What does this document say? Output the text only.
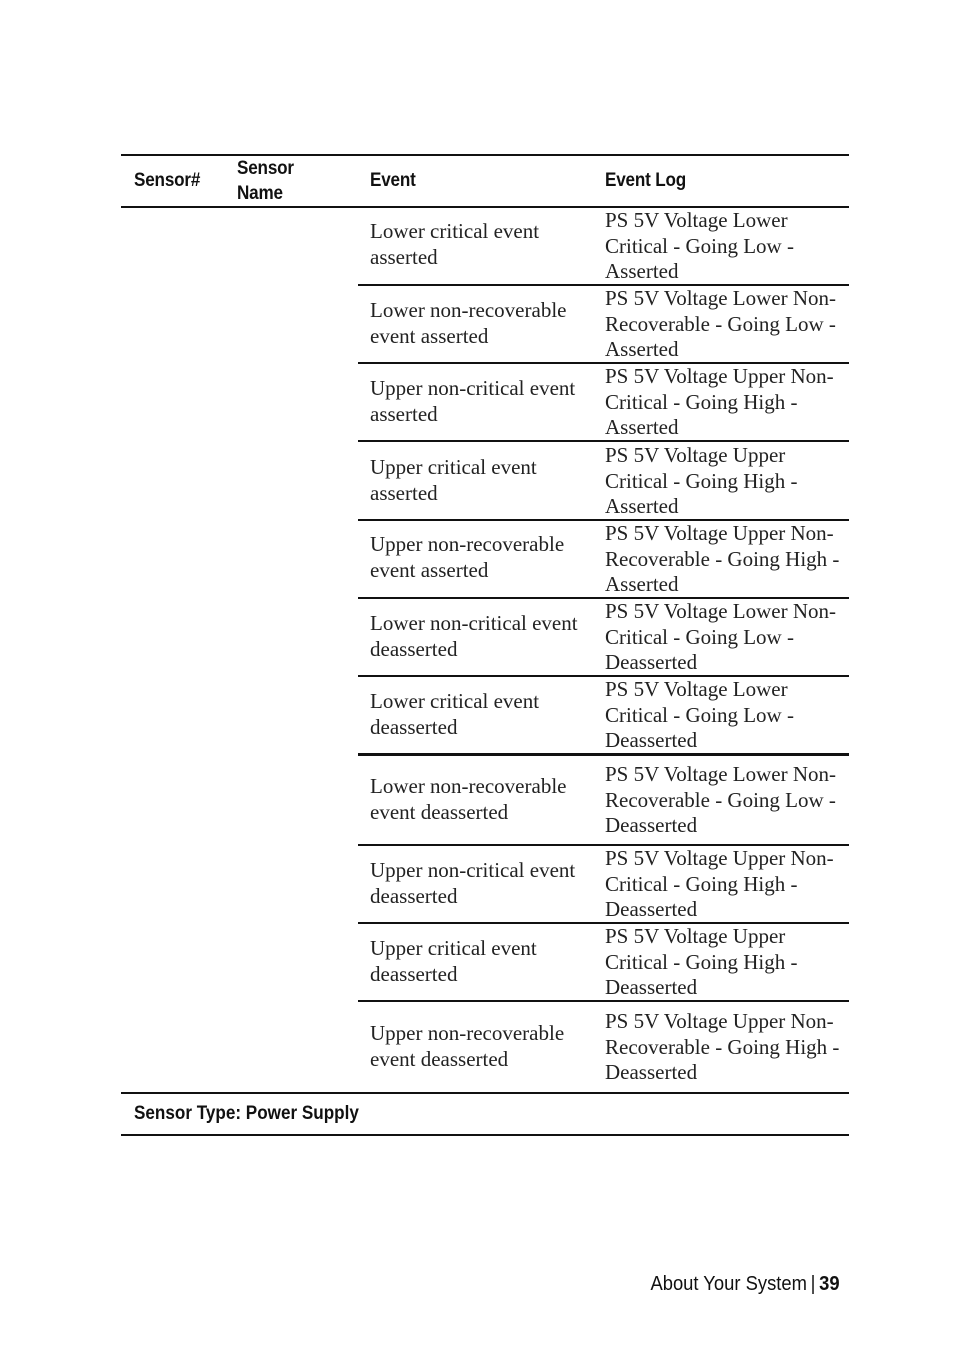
Sensor#
Sensor Name
Event	Event Log
Lower critical event asserted
PS 5V Voltage Lower Critical - Going Low - Asserted
Lower non-recoverable event asserted
PS 5V Voltage Lower Non-Recoverable - Going Low - Asserted
Upper non-critical event asserted
PS 5V Voltage Upper Non-Critical - Going High - Asserted
Upper critical event asserted
PS 5V Voltage Upper Critical - Going High - Asserted
Upper non-recoverable event asserted
PS 5V Voltage Upper Non-Recoverable - Going High - Asserted
Lower non-critical event deasserted
PS 5V Voltage Lower Non-Critical - Going Low - Deasserted
Lower critical event deasserted
PS 5V Voltage Lower Critical - Going Low - Deasserted
Lower non-recoverable event deasserted
PS 5V Voltage Lower Non-Recoverable - Going Low - Deasserted
Upper non-critical event deasserted
PS 5V Voltage Upper Non-Critical - Going High - Deasserted
Upper critical event deasserted
PS 5V Voltage Upper Critical - Going High - Deasserted
Upper non-recoverable event deasserted
PS 5V Voltage Upper Non-Recoverable - Going High - Deasserted
Sensor Type: Power Supply
About Your System | 39
